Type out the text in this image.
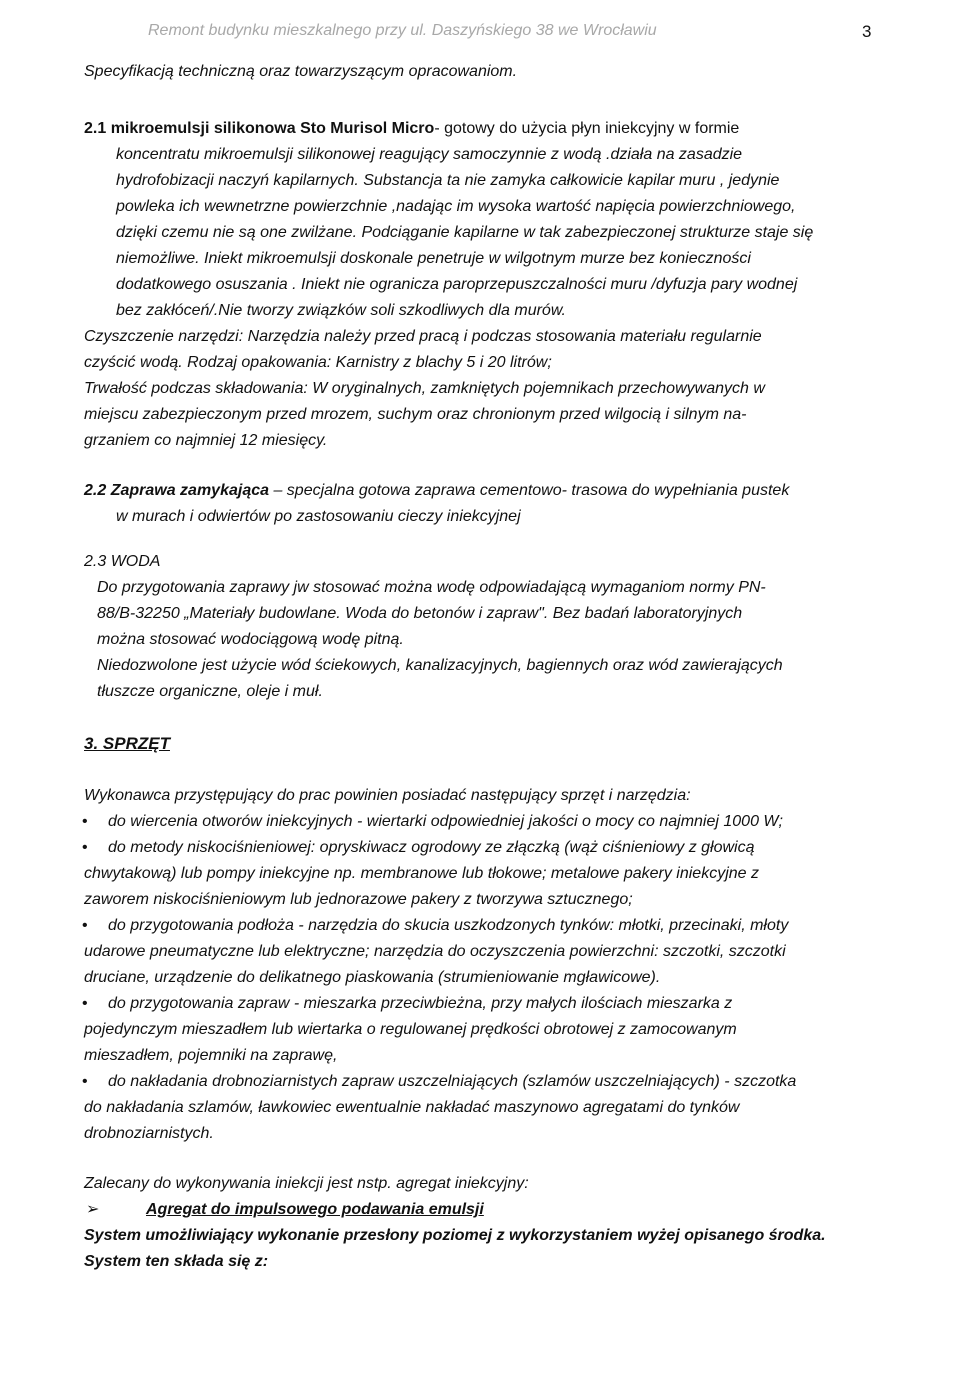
Remont budynku mieszkalnego przy ul. Daszyńskiego 38 we Wrocławiu	3

Specyfikacją techniczną oraz towarzyszącym opracowaniom.

2.1 mikroemulsji silikonowa Sto Murisol Micro- gotowy do użycia płyn iniekcyjny w formie

koncentratu mikroemulsji silikonowej reagujący samoczynnie z wodą .działa na zasadzie

hydrofobizacji naczyń kapilarnych. Substancja ta nie zamyka całkowicie kapilar muru , jedynie

powleka ich wewnetrzne powierzchnie ,nadając im wysoka wartość napięcia powierzchniowego,

dzięki czemu nie są one zwilżane. Podciąganie kapilarne w tak zabezpieczonej strukturze staje się

niemożliwe. Iniekt mikroemulsji doskonale penetruje w wilgotnym murze bez konieczności

dodatkowego osuszania . Iniekt nie ogranicza paroprzepuszczalności muru /dyfuzja pary wodnej

bez zakłóceń/.Nie tworzy związków soli szkodliwych dla murów.

Czyszczenie narzędzi: Narzędzia należy przed pracą i podczas stosowania materiału regularnie

czyścić wodą. Rodzaj opakowania: Karnistry z blachy 5 i 20 litrów;

Trwałość podczas składowania: W oryginalnych, zamkniętych pojemnikach przechowywanych w

miejscu zabezpieczonym przed mrozem, suchym oraz chronionym przed wilgocią i silnym na-

grzaniem co najmniej 12 miesięcy.

2.2 Zaprawa zamykająca – specjalna gotowa zaprawa cementowo- trasowa do wypełniania pustek

w murach i odwiertów po zastosowaniu cieczy iniekcyjnej

2.3 WODA

Do przygotowania zaprawy jw stosować można wodę odpowiadającą wymaganiom normy PN-

88/B-32250 „Materiały budowlane. Woda do betonów i zapraw". Bez badań laboratoryjnych

można stosować wodociągową wodę pitną.

Niedozwolone jest użycie wód ściekowych, kanalizacyjnych, bagiennych oraz wód zawierających

tłuszcze organiczne, oleje i muł.

3. SPRZĘT

Wykonawca przystępujący do prac powinien posiadać następujący sprzęt i narzędzia:

• do wiercenia otworów iniekcyjnych - wiertarki odpowiedniej jakości o mocy co najmniej 1000 W;

• do metody niskociśnieniowej: opryskiwacz ogrodowy ze złączką (wąż ciśnieniowy z głowicą

chwytakową) lub pompy iniekcyjne np. membranowe lub tłokowe; metalowe pakery iniekcyjne z

zaworem niskociśnieniowym lub jednorazowe pakery z tworzywa sztucznego;

• do przygotowania podłoża - narzędzia do skucia uszkodzonych tynków: młotki, przecinaki, młoty

udarowe pneumatyczne lub elektryczne; narzędzia do oczyszczenia powierzchni: szczotki, szczotki

druciane, urządzenie do delikatnego piaskowania (strumieniowanie mgławicowe).

• do przygotowania zapraw - mieszarka przeciwbieżna, przy małych ilościach mieszarka z

pojedynczym mieszadłem lub wiertarka o regulowanej prędkości obrotowej z zamocowanym

mieszadłem, pojemniki na zaprawę,

• do nakładania drobnoziarnistych zapraw uszczelniających (szlamów uszczelniających) - szczotka

do nakładania szlamów, ławkowiec ewentualnie nakładać maszynowo agregatami do tynków

drobnoziarnistych.

Zalecany do wykonywania iniekcji jest nstp. agregat iniekcyjny:

➢	Agregat do impulsowego podawania emulsji

System umożliwiający wykonanie przesłony poziomej z wykorzystaniem wyżej opisanego środka.

System ten składa się z:
